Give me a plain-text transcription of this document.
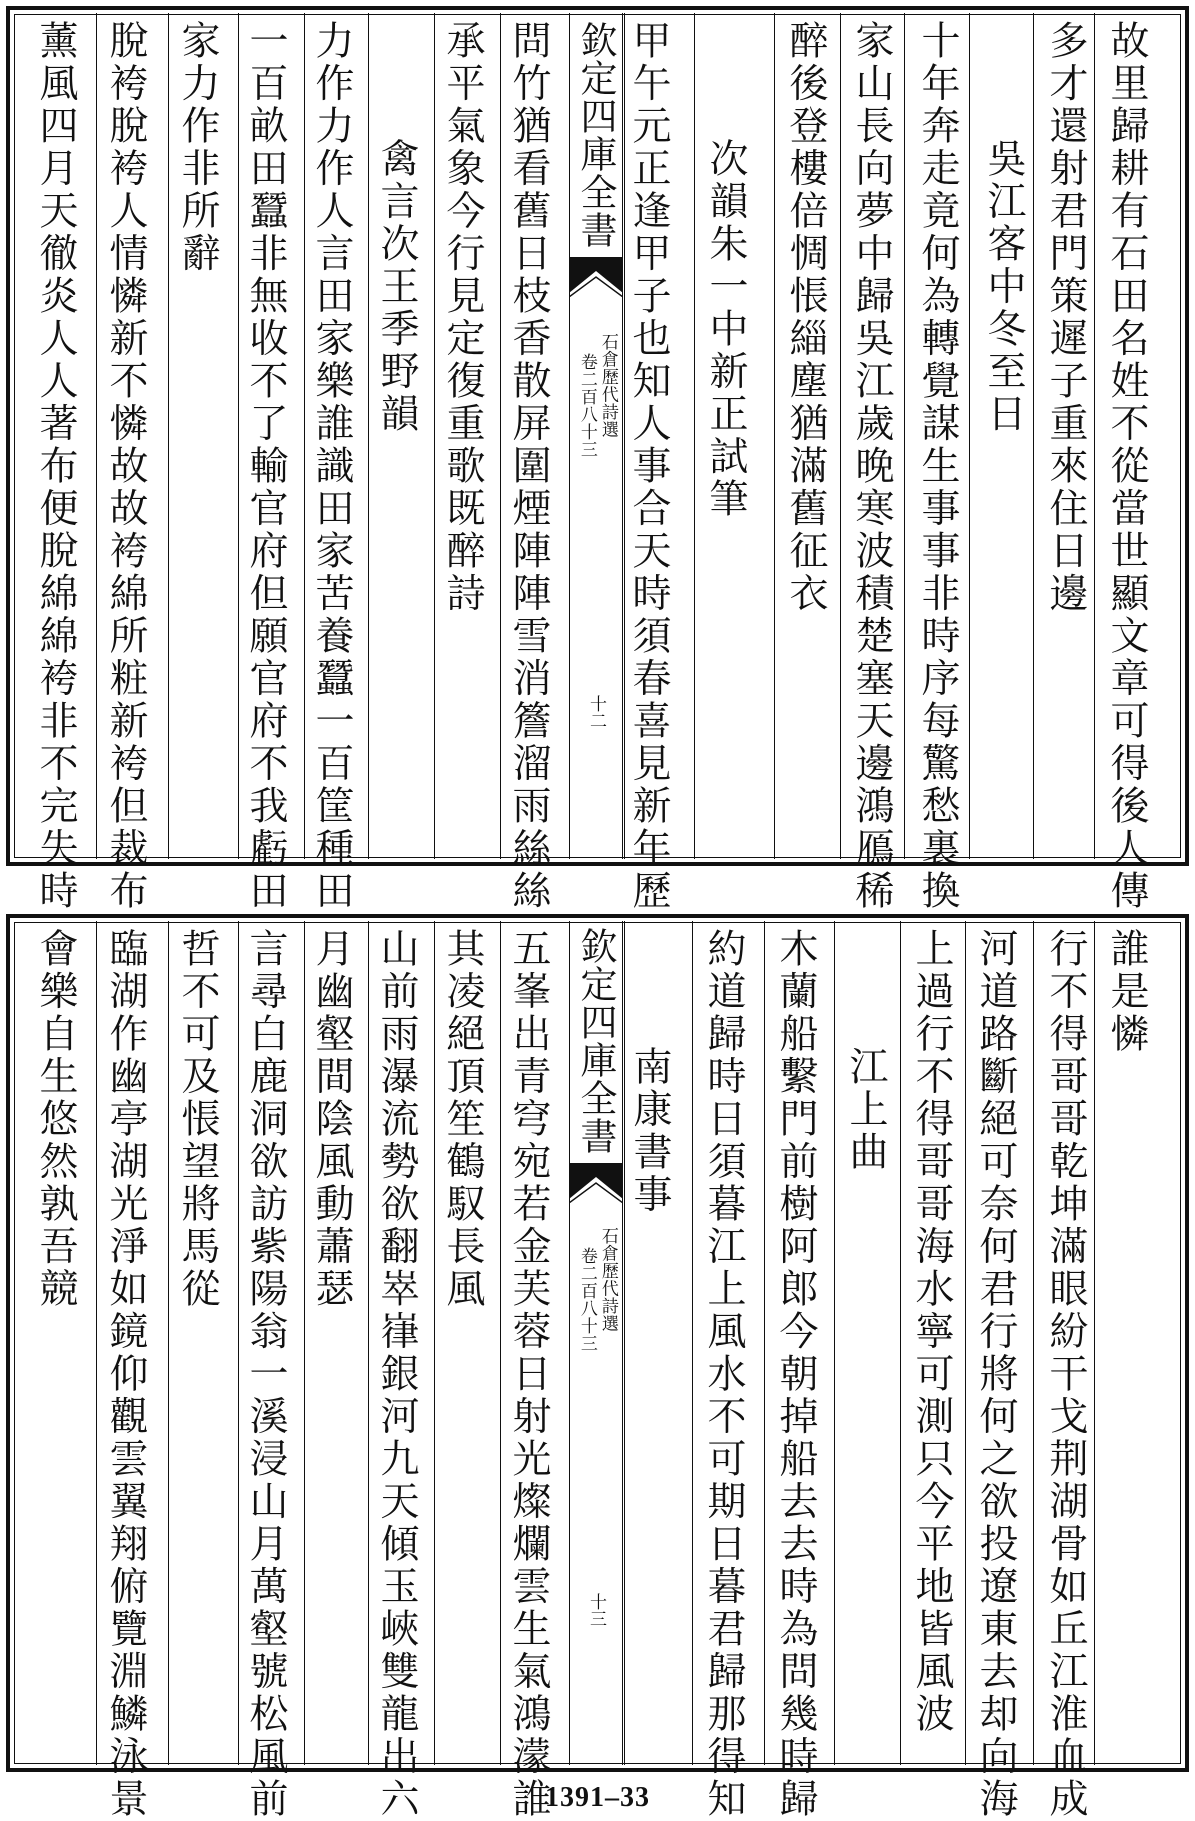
故里歸耕有石田名姓不從當世顯文章可得後人傳
多才還射君門策遲子重來住日邊
吳江客中冬至日
十年奔走竟何為轉覺謀生事事非時序每驚愁裏換
家山長向夢中歸吳江歲晚寒波積楚塞天邊鴻鴈稀
醉後登樓倍惆悵緇塵猶滿舊征衣
次韻朱一中新正試筆
甲午元正逢甲子也知人事合天時須春喜見新年歷
欽定四庫全書
石倉歷代詩選
卷二百八十三
十二
問竹猶看舊日枝香散屏圍煙陣陣雪消簷溜雨絲絲
承平氣象今行見定復重歌既醉詩
禽言次王季野韻
力作力作人言田家樂誰識田家苦養蠶一百筐種田
一百畝田蠶非無收不了輸官府但願官府不我虧田
家力作非所辭
脫袴脫袴人情憐新不憐故故袴綿所粧新袴但裁布
薰風四月天徹炎人人著布便脫綿綿袴非不完失時
誰是憐
行不得哥哥乾坤滿眼紛干戈荆湖骨如丘江淮血成
河道路斷絕可奈何君行將何之欲投遼東去却向海
上過行不得哥哥海水寧可測只今平地皆風波
江上曲
木蘭船繫門前樹阿郎今朝掉船去去時為問幾時歸
約道歸時日須暮江上風水不可期日暮君歸那得知
南康書事
欽定四庫全書
石倉歷代詩選
卷二百八十三
十三
五峯出青穹宛若金芙蓉日射光燦爛雲生氣鴻濛誰
其凌絕頂笙鶴馭長風
山前雨瀑流勢欲翻崒嵂銀河九天傾玉峽雙龍出六
月幽壑間陰風動蕭瑟
言尋白鹿洞欲訪紫陽翁一溪浸山月萬壑號松風前
哲不可及悵望將馬從
臨湖作幽亭湖光淨如鏡仰觀雲翼翔俯覽淵鱗泳景
會樂自生悠然孰吾競
1391–33
